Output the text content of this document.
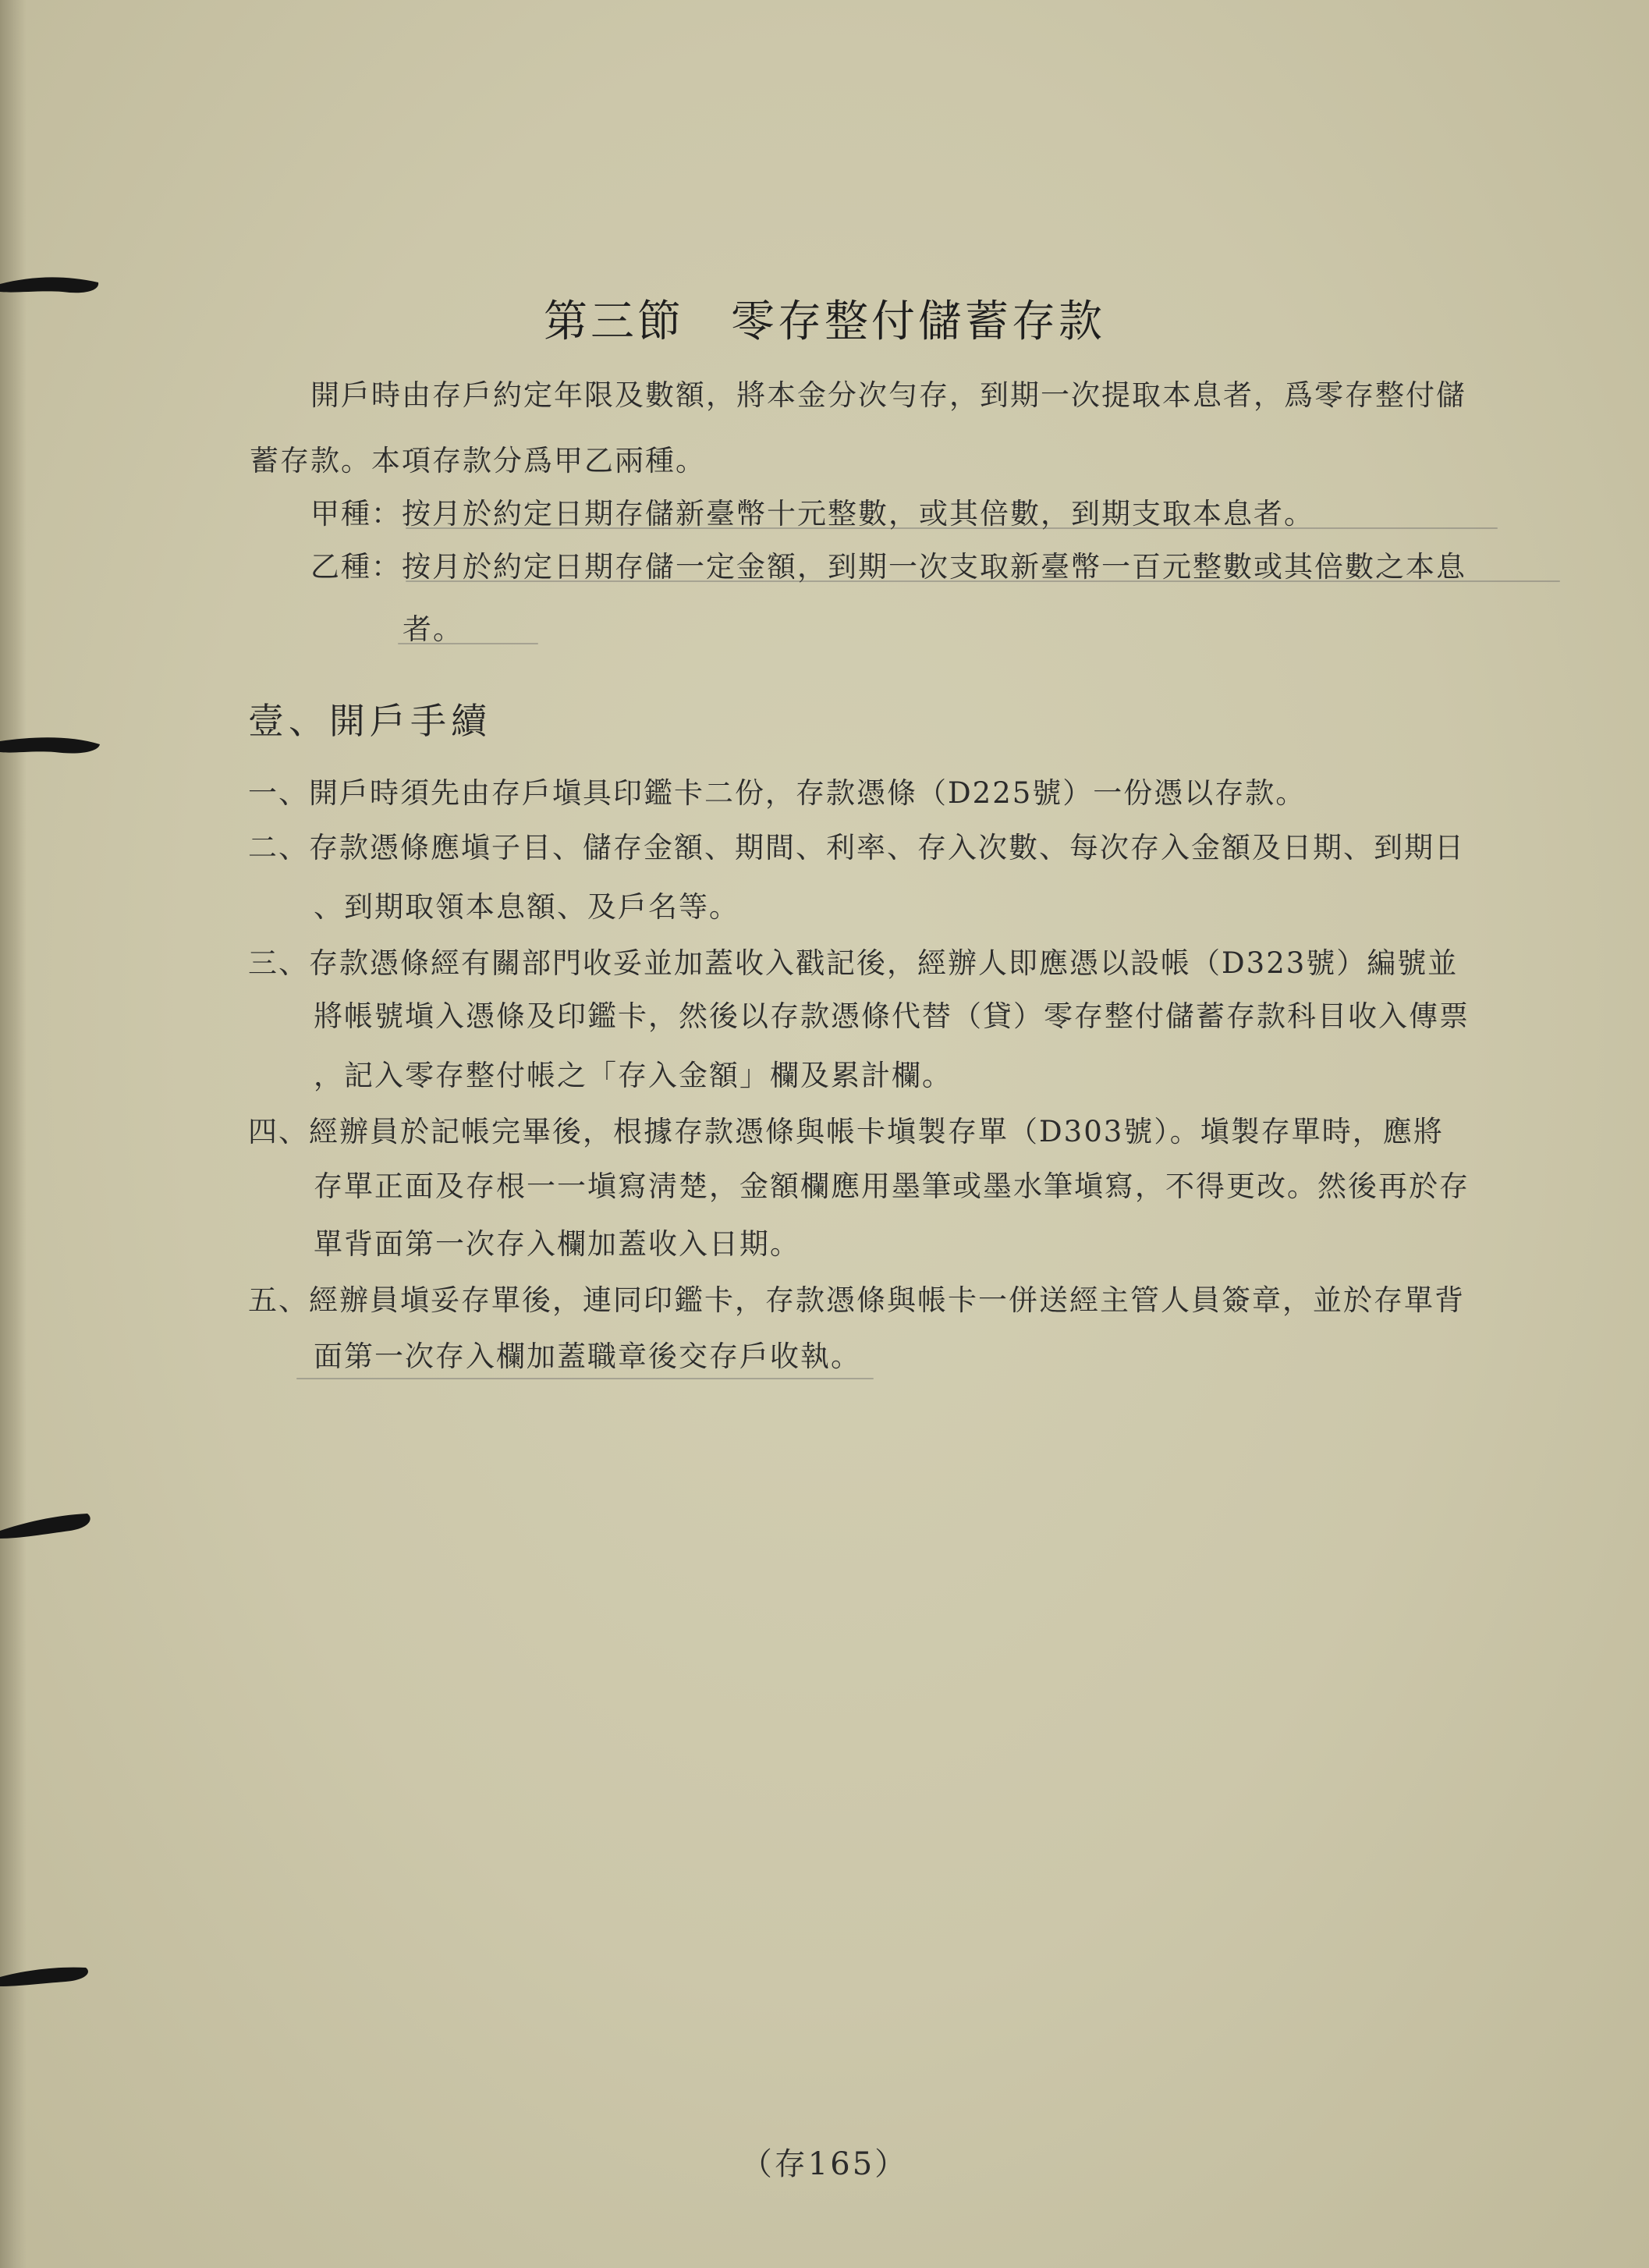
第三節　零存整付儲蓄存款
開戶時由存戶約定年限及數額，將本金分次勻存，到期一次提取本息者，爲零存整付儲
蓄存款。本項存款分爲甲乙兩種。
甲種：按月於約定日期存儲新臺幣十元整數，或其倍數，到期支取本息者。
乙種：按月於約定日期存儲一定金額，到期一次支取新臺幣一百元整數或其倍數之本息
者。
壹、開戶手續
一、開戶時須先由存戶塡具印鑑卡二份，存款憑條（D225號）一份憑以存款。
二、存款憑條應塡子目、儲存金額、期間、利率、存入次數、每次存入金額及日期、到期日
、到期取領本息額、及戶名等。
三、存款憑條經有關部門收妥並加蓋收入戳記後，經辦人即應憑以設帳（D323號）編號並
將帳號塡入憑條及印鑑卡，然後以存款憑條代替（貸）零存整付儲蓄存款科目收入傳票
，記入零存整付帳之「存入金額」欄及累計欄。
四、經辦員於記帳完畢後，根據存款憑條與帳卡塡製存單（D303號）。塡製存單時，應將
存單正面及存根一一塡寫淸楚，金額欄應用墨筆或墨水筆塡寫，不得更改。然後再於存
單背面第一次存入欄加蓋收入日期。
五、經辦員塡妥存單後，連同印鑑卡，存款憑條與帳卡一併送經主管人員簽章，並於存單背
面第一次存入欄加蓋職章後交存戶收執。
（存165）
